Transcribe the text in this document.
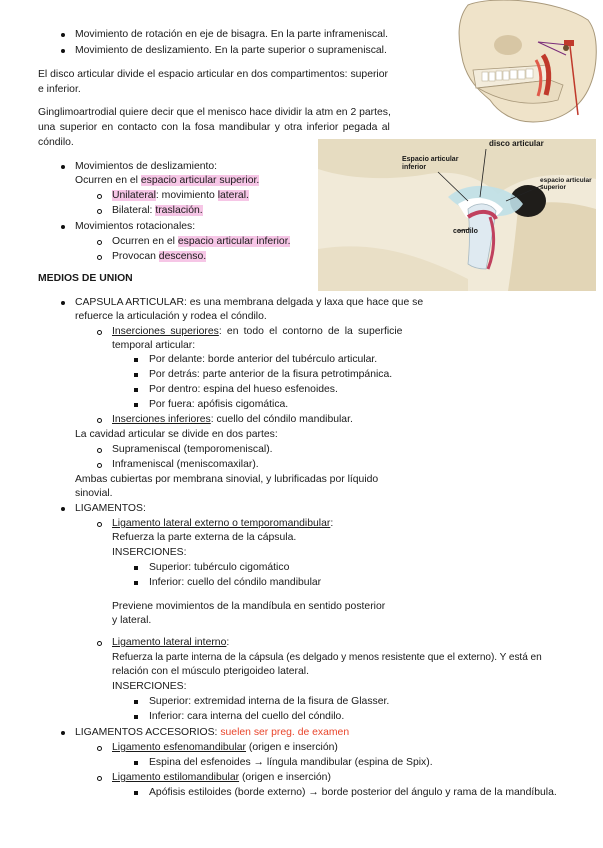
disco articular
espacio articular superior
Espacio articular inferior
condilo
Movimiento de rotación en eje de bisagra. En la parte inframeniscal.
Movimiento de deslizamiento. En la parte superior o suprameniscal.
El disco articular divide el espacio articular en dos compartimentos: superior
e inferior.
Ginglimoartrodial quiere decir que el menisco hace dividir la atm en 2 partes,
una superior en contacto con la fosa mandibular y otra inferior pegada al
cóndilo.
Movimientos de deslizamiento:
Ocurren en el espacio articular superior.
Unilateral: movimiento lateral.
Bilateral: traslación.
Movimientos rotacionales:
Ocurren en el espacio articular inferior.
Provocan descenso.
MEDIOS DE UNION
CAPSULA ARTICULAR: es una membrana delgada y laxa que hace que se
refuerce la articulación y rodea el cóndilo.
Inserciones superiores: en todo el contorno de la superficie
temporal articular:
Por delante: borde anterior del tubérculo articular.
Por detrás: parte anterior de la fisura petrotimpánica.
Por dentro: espina del hueso esfenoides.
Por fuera: apófisis cigomática.
Inserciones inferiores: cuello del cóndilo mandibular.
La cavidad articular se divide en dos partes:
Suprameniscal (temporomeniscal).
Inframeniscal (meniscomaxilar).
Ambas cubiertas por membrana sinovial, y lubrificadas por líquido
sinovial.
LIGAMENTOS:
Ligamento lateral externo o temporomandibular:
Refuerza la parte externa de la cápsula.
INSERCIONES:
Superior: tubérculo cigomático
Inferior: cuello del cóndilo mandibular
Previene movimientos de la mandíbula en sentido posterior
y lateral.
Ligamento lateral interno:
Refuerza la parte interna de la cápsula (es delgado y menos resistente que el externo). Y está en
relación con el músculo pterigoideo lateral.
INSERCIONES:
Superior: extremidad interna de la fisura de Glasser.
Inferior: cara interna del cuello del cóndilo.
LIGAMENTOS ACCESORIOS: suelen ser preg. de examen
Ligamento esfenomandibular (origen e inserción)
Espina del esfenoides → língula mandibular (espina de Spix).
Ligamento estilomandibular (origen e inserción)
Apófisis estiloides (borde externo) → borde posterior del ángulo y rama de la mandíbula.
